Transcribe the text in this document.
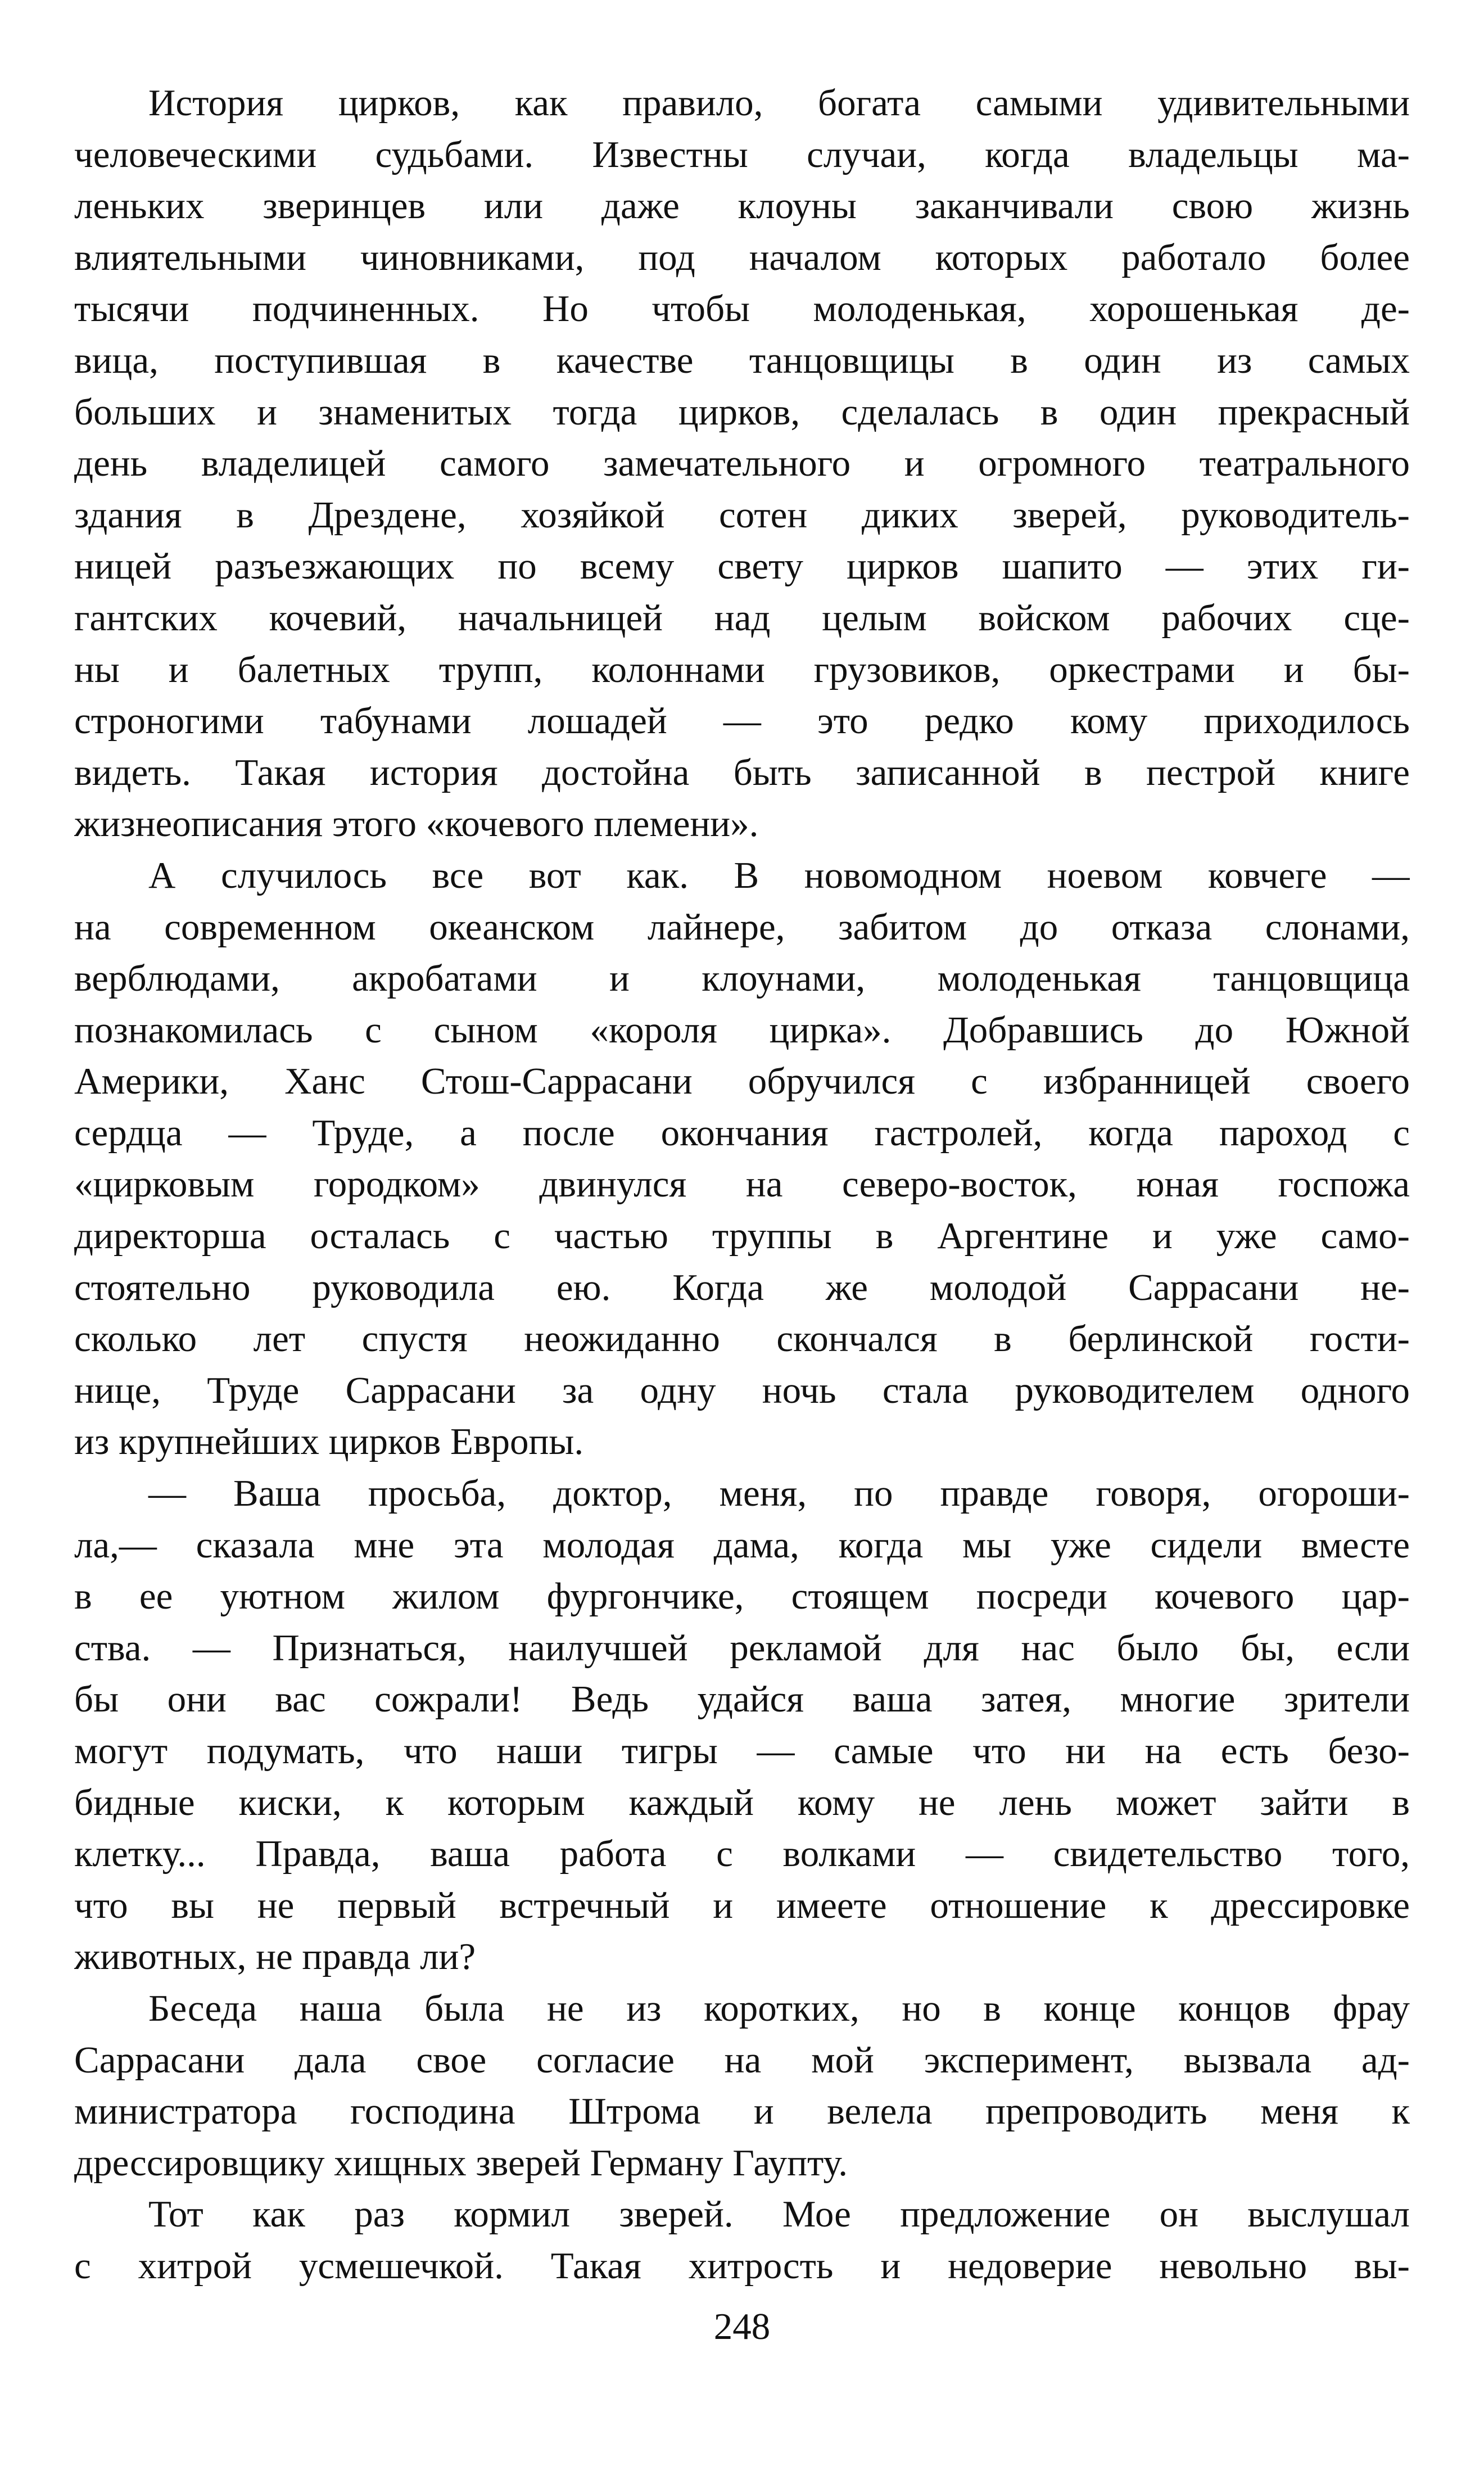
История цирков, как правило, богата самыми удивительными
человеческими судьбами. Известны случаи, когда владельцы ма-
леньких зверинцев или даже клоуны заканчивали свою жизнь
влиятельными чиновниками, под началом которых работало более
тысячи подчиненных. Но чтобы молоденькая, хорошенькая де-
вица, поступившая в качестве танцовщицы в один из самых
больших и знаменитых тогда цирков, сделалась в один прекрасный
день владелицей самого замечательного и огромного театрального
здания в Дрездене, хозяйкой сотен диких зверей, руководитель-
ницей разъезжающих по всему свету цирков шапито — этих ги-
гантских кочевий, начальницей над целым войском рабочих сце-
ны и балетных трупп, колоннами грузовиков, оркестрами и бы-
строногими табунами лошадей — это редко кому приходилось
видеть. Такая история достойна быть записанной в пестрой книге
жизнеописания этого «кочевого племени».

А случилось все вот как. В новомодном ноевом ковчеге —
на современном океанском лайнере, забитом до отказа слонами,
верблюдами, акробатами и клоунами, молоденькая танцовщица
познакомилась с сыном «короля цирка». Добравшись до Южной
Америки, Ханс Стош-Саррасани обручился с избранницей своего
сердца — Труде, а после окончания гастролей, когда пароход с
«цирковым городком» двинулся на северо-восток, юная госпожа
директорша осталась с частью труппы в Аргентине и уже само-
стоятельно руководила ею. Когда же молодой Саррасани не-
сколько лет спустя неожиданно скончался в берлинской гости-
нице, Труде Саррасани за одну ночь стала руководителем одного
из крупнейших цирков Европы.

— Ваша просьба, доктор, меня, по правде говоря, огороши-
ла,— сказала мне эта молодая дама, когда мы уже сидели вместе
в ее уютном жилом фургончике, стоящем посреди кочевого цар-
ства. — Признаться, наилучшей рекламой для нас было бы, если
бы они вас сожрали! Ведь удайся ваша затея, многие зрители
могут подумать, что наши тигры — самые что ни на есть безо-
бидные киски, к которым каждый кому не лень может зайти в
клетку... Правда, ваша работа с волками — свидетельство того,
что вы не первый встречный и имеете отношение к дрессировке
животных, не правда ли?

Беседа наша была не из коротких, но в конце концов фрау
Саррасани дала свое согласие на мой эксперимент, вызвала ад-
министратора господина Штрома и велела препроводить меня к
дрессировщику хищных зверей Герману Гаупту.

Тот как раз кормил зверей. Мое предложение он выслушал
с хитрой усмешечкой. Такая хитрость и недоверие невольно вы-

248
